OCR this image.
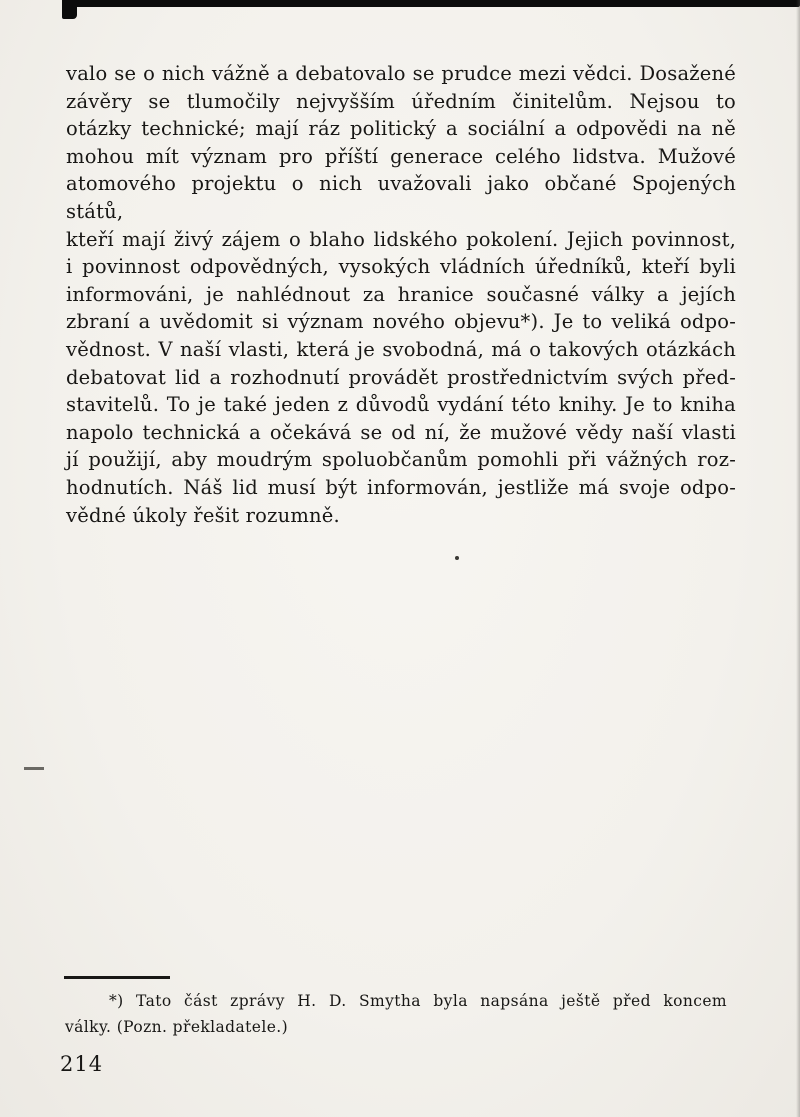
valo se o nich vážně a debatovalo se prudce mezi vědci. Dosažené
závěry se tlumočily nejvyšším úředním činitelům. Nejsou to
otázky technické; mají ráz politický a sociální a odpovědi na ně
mohou mít význam pro příští generace celého lidstva. Mužové
atomového projektu o nich uvažovali jako občané Spojených států,
kteří mají živý zájem o blaho lidského pokolení. Jejich povinnost,
i povinnost odpovědných, vysokých vládních úředníků, kteří byli
informováni, je nahlédnout za hranice současné války a jejích
zbraní a uvědomit si význam nového objevu*). Je to veliká odpo-
vědnost. V naší vlasti, která je svobodná, má o takových otázkách
debatovat lid a rozhodnutí provádět prostřednictvím svých před-
stavitelů. To je také jeden z důvodů vydání této knihy. Je to kniha
napolo technická a očekává se od ní, že mužové vědy naší vlasti
jí použijí, aby moudrým spoluobčanům pomohli při vážných roz-
hodnutích. Náš lid musí být informován, jestliže má svoje odpo-
vědné úkoly řešit rozumně.
*) Tato část zprávy H. D. Smytha byla napsána ještě před koncem
války. (Pozn. překladatele.)
214
